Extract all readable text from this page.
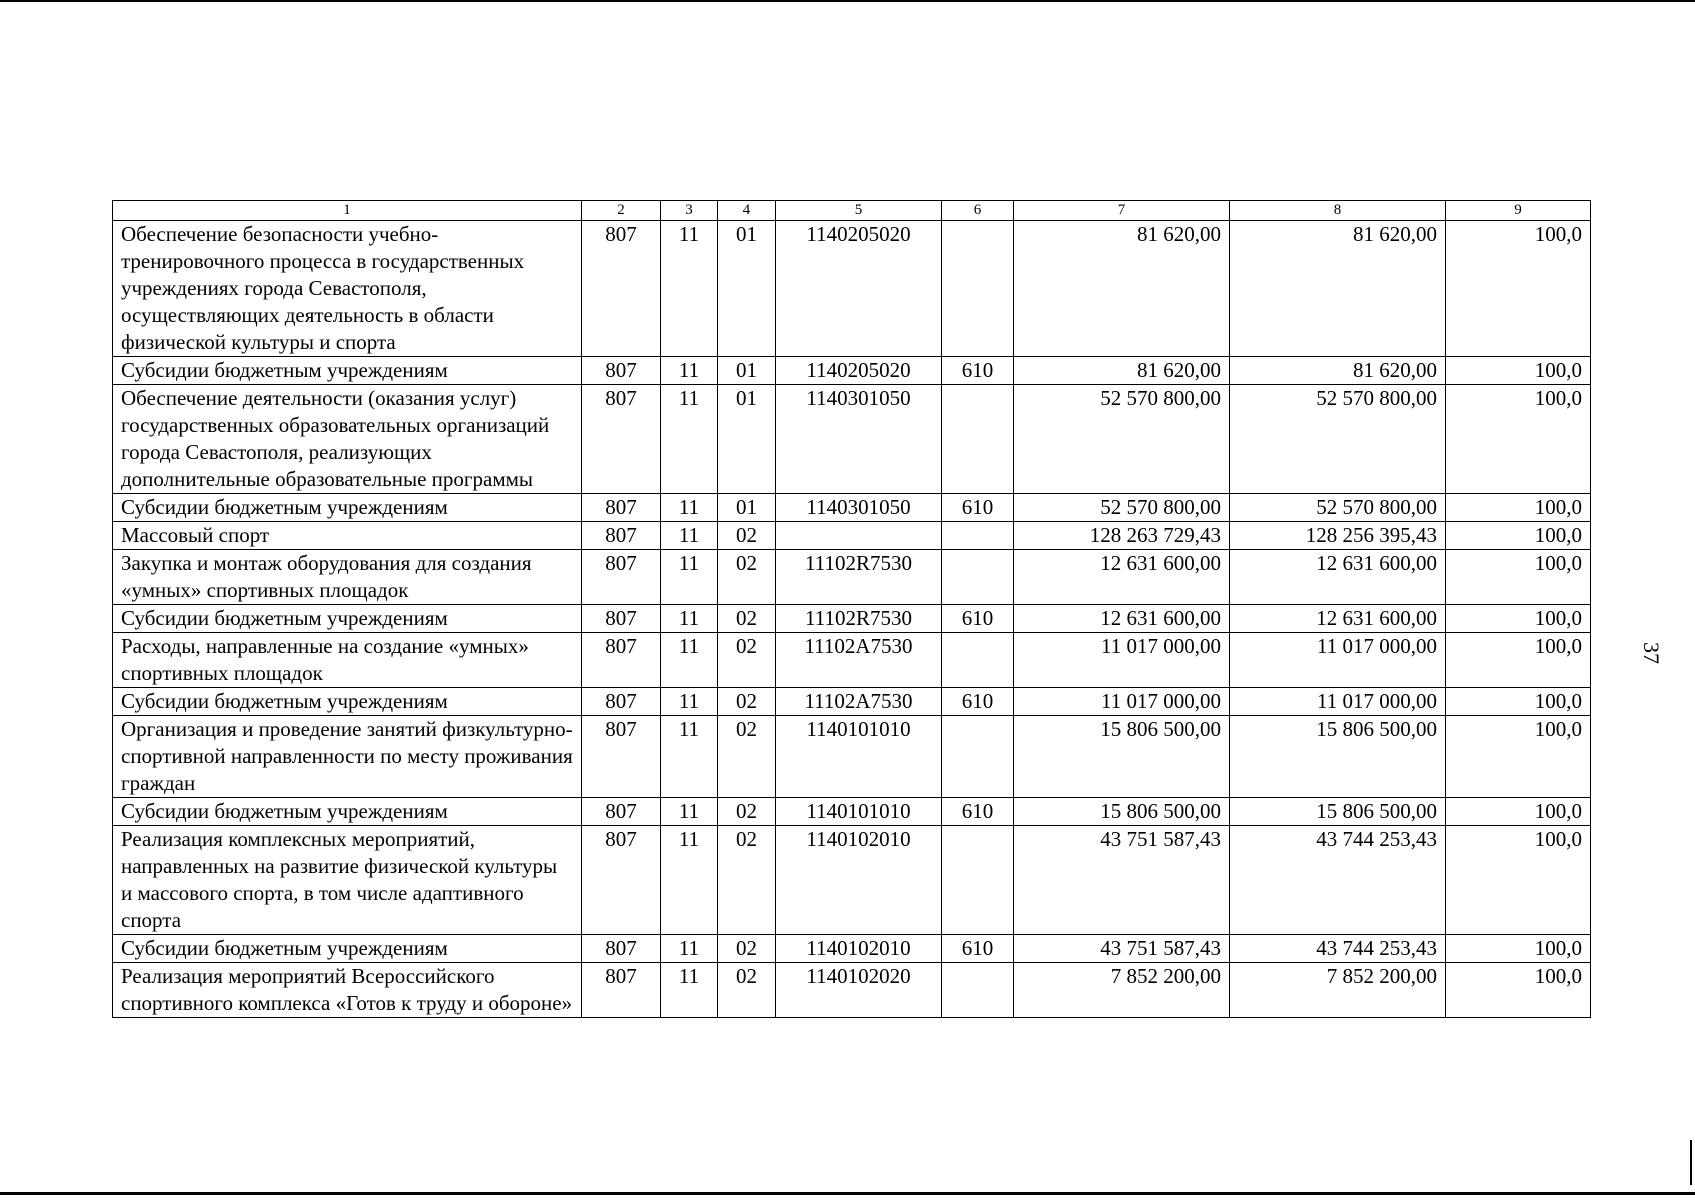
37
1	2	3	4	5	6	7	8	9
Обеспечение безопасности учебно-тренировочного процесса в государственных учреждениях города Севастополя, осуществляющих деятельность в области физической культуры и спорта	807	11	01	1140205020		81 620,00	81 620,00	100,0
Субсидии бюджетным учреждениям	807	11	01	1140205020	610	81 620,00	81 620,00	100,0
Обеспечение деятельности (оказания услуг) государственных образовательных организаций города Севастополя, реализующих дополнительные образовательные программы	807	11	01	1140301050		52 570 800,00	52 570 800,00	100,0
Субсидии бюджетным учреждениям	807	11	01	1140301050	610	52 570 800,00	52 570 800,00	100,0
Массовый спорт	807	11	02			128 263 729,43	128 256 395,43	100,0
Закупка и монтаж оборудования для создания «умных» спортивных площадок	807	11	02	11102R7530		12 631 600,00	12 631 600,00	100,0
Субсидии бюджетным учреждениям	807	11	02	11102R7530	610	12 631 600,00	12 631 600,00	100,0
Расходы, направленные на создание «умных» спортивных площадок	807	11	02	11102A7530		11 017 000,00	11 017 000,00	100,0
Субсидии бюджетным учреждениям	807	11	02	11102A7530	610	11 017 000,00	11 017 000,00	100,0
Организация и проведение занятий физкультурно-спортивной направленности по месту проживания граждан	807	11	02	1140101010		15 806 500,00	15 806 500,00	100,0
Субсидии бюджетным учреждениям	807	11	02	1140101010	610	15 806 500,00	15 806 500,00	100,0
Реализация комплексных мероприятий, направленных на развитие физической культуры и массового спорта, в том числе адаптивного спорта	807	11	02	1140102010		43 751 587,43	43 744 253,43	100,0
Субсидии бюджетным учреждениям	807	11	02	1140102010	610	43 751 587,43	43 744 253,43	100,0
Реализация мероприятий Всероссийского спортивного комплекса «Готов к труду и обороне»	807	11	02	1140102020		7 852 200,00	7 852 200,00	100,0
